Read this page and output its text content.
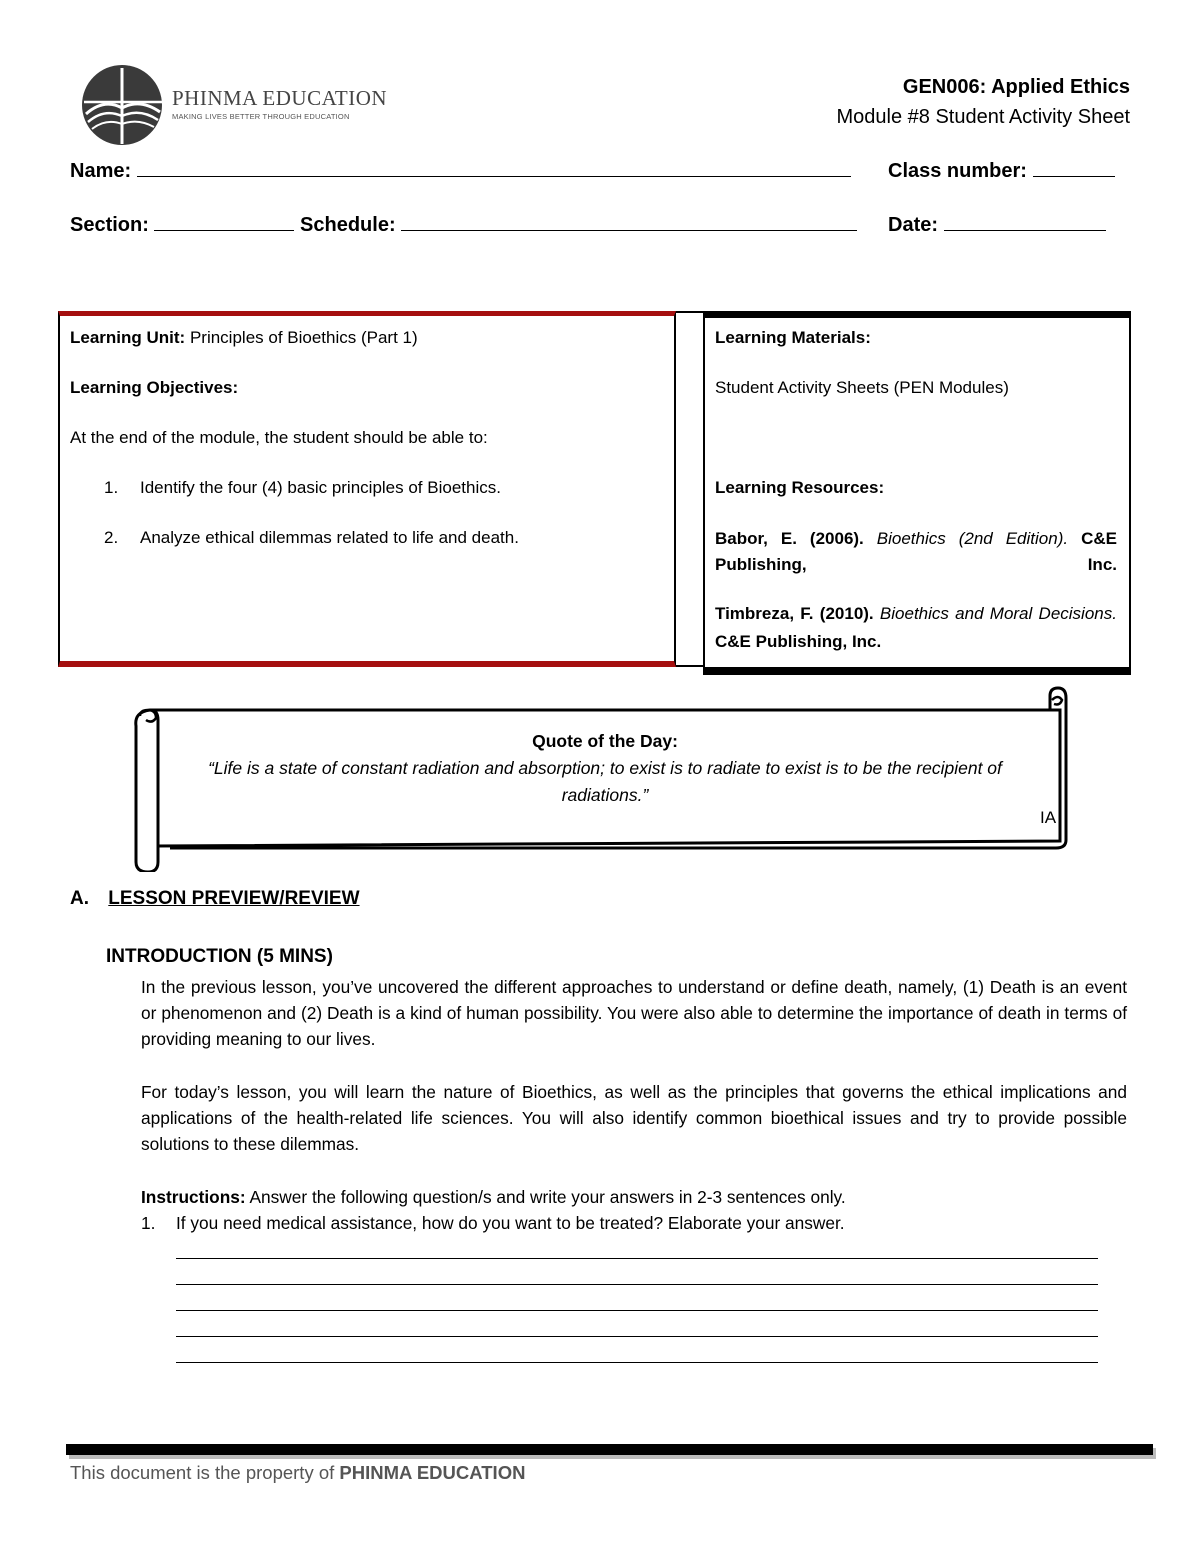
PHINMA EDUCATION
MAKING LIVES BETTER THROUGH EDUCATION
GEN006: Applied Ethics
Module #8 Student Activity Sheet
Name:	Class number:
Section:	Schedule:	Date:
Learning Unit: Principles of Bioethics (Part 1)
Learning Objectives:
At the end of the module, the student should be able to:
1. Identify the four (4) basic principles of Bioethics.
2. Analyze ethical dilemmas related to life and death.
Learning Materials:
Student Activity Sheets (PEN Modules)
Learning Resources:
Babor, E. (2006). Bioethics (2nd Edition). C&E Publishing, Inc.
Timbreza, F. (2010). Bioethics and Moral Decisions. C&E Publishing, Inc.
Quote of the Day:
“Life is a state of constant radiation and absorption; to exist is to radiate to exist is to be the recipient of radiations.”
IA
A. LESSON PREVIEW/REVIEW
INTRODUCTION (5 MINS)
In the previous lesson, you’ve uncovered the different approaches to understand or define death, namely, (1) Death is an event or phenomenon and (2) Death is a kind of human possibility. You were also able to determine the importance of death in terms of providing meaning to our lives.
For today’s lesson, you will learn the nature of Bioethics, as well as the principles that governs the ethical implications and applications of the health-related life sciences. You will also identify common bioethical issues and try to provide possible solutions to these dilemmas.
Instructions: Answer the following question/s and write your answers in 2-3 sentences only.
1. If you need medical assistance, how do you want to be treated? Elaborate your answer.
This document is the property of PHINMA EDUCATION
